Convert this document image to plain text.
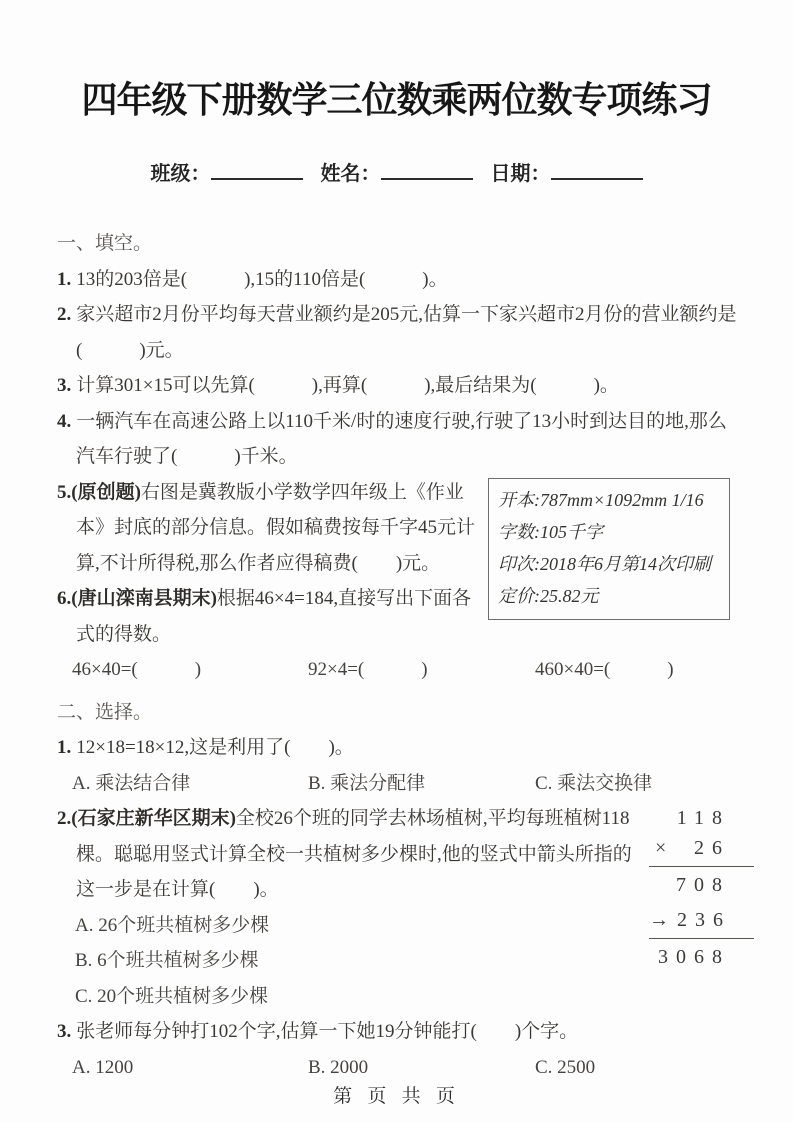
四年级下册数学三位数乘两位数专项练习
班级：	姓名：	日期：
一、填空。

1. 13的203倍是(　　　),15的110倍是(　　　)。

2. 家兴超市2月份平均每天营业额约是205元,估算一下家兴超市2月份的营业额约是(　　　)元。

3. 计算301×15可以先算(　　　),再算(　　　),最后结果为(　　　)。

4. 一辆汽车在高速公路上以110千米/时的速度行驶,行驶了13小时到达目的地,那么汽车行驶了(　　　)千米。

开本:787mm×1092mm 1/16
字数:105千字
印次:2018年6月第14次印刷
定价:25.82元

5.(原创题)右图是冀教版小学数学四年级上《作业本》封底的部分信息。假如稿费按每千字45元计算,不计所得税,那么作者应得稿费(　　)元。

6.(唐山滦南县期末)根据46×4=184,直接写出下面各式的得数。

46×40=(　　　)	92×4=(　　　)	460×40=(　　　)
二、选择。

1. 12×18=18×12,这是利用了(　　)。

A. 乘法结合律	B. 乘法分配律	C. 乘法交换律
118
× 26
708
→236
3068

2.(石家庄新华区期末)全校26个班的同学去林场植树,平均每班植树118棵。聪聪用竖式计算全校一共植树多少棵时,他的竖式中箭头所指的这一步是在计算(　　)。

A. 26个班共植树多少棵
B. 6个班共植树多少棵
C. 20个班共植树多少棵

3. 张老师每分钟打102个字,估算一下她19分钟能打(　　)个字。

A. 1200	B. 2000	C. 2500
第 页 共 页
